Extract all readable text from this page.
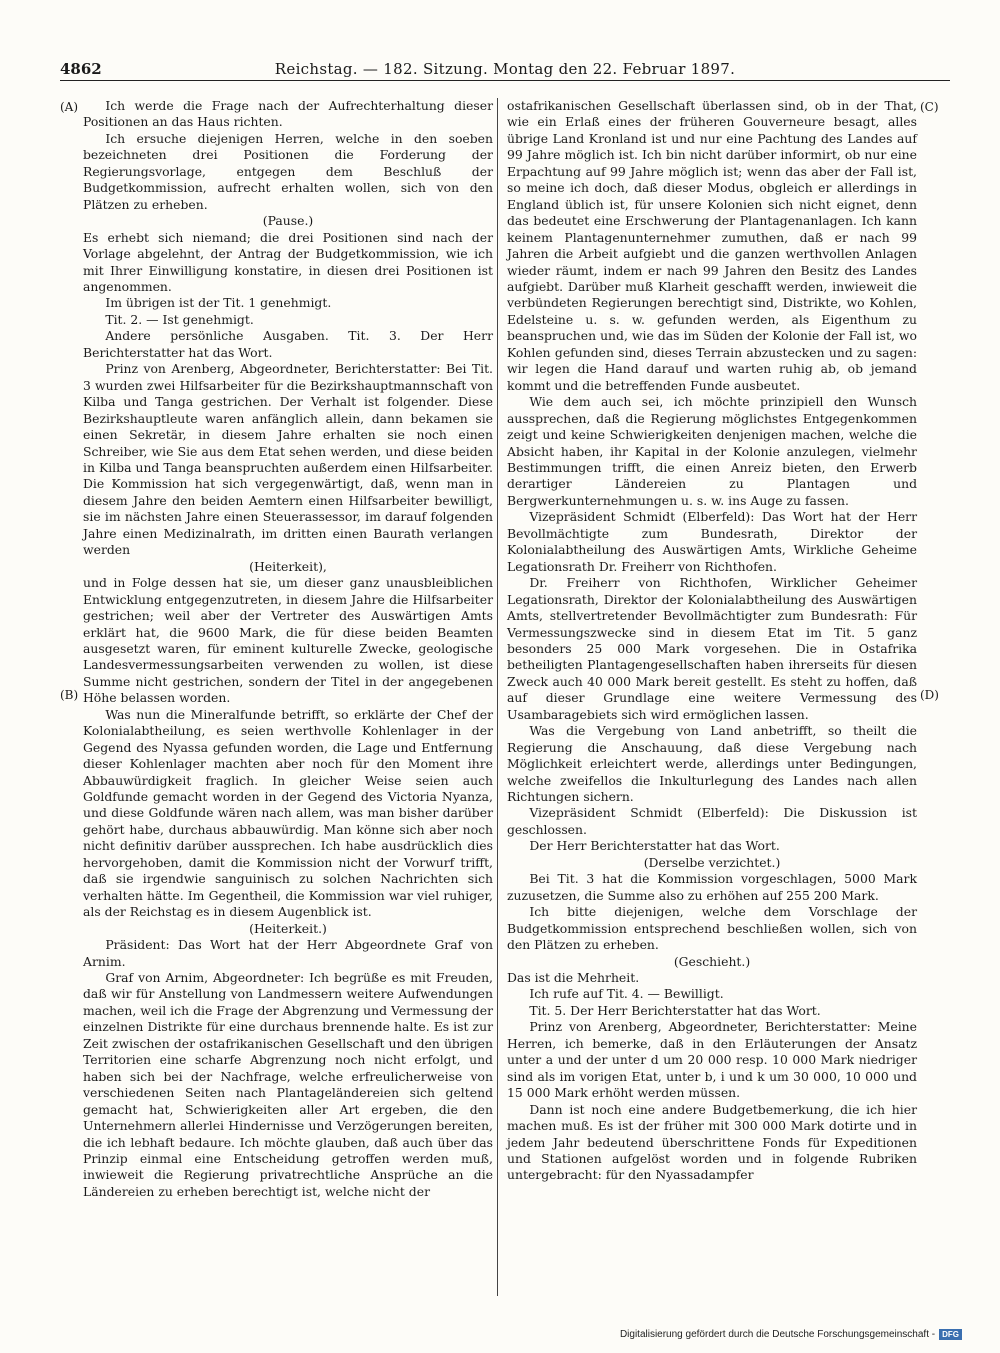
4862	Reichstag. — 182. Sitzung. Montag den 22. Februar 1897.
(A)
(B)
(C)
(D)

Ich werde die Frage nach der Aufrechterhaltung dieser Positionen an das Haus richten.

Ich ersuche diejenigen Herren, welche in den soeben bezeichneten drei Positionen die Forderung der Regierungsvorlage, entgegen dem Beschluß der Budgetkommission, aufrecht erhalten wollen, sich von den Plätzen zu erheben.

(Pause.)

Es erhebt sich niemand; die drei Positionen sind nach der Vorlage abgelehnt, der Antrag der Budgetkommission, wie ich mit Ihrer Einwilligung konstatire, in diesen drei Positionen ist angenommen.

Im übrigen ist der Tit. 1 genehmigt.

Tit. 2. — Ist genehmigt.

Andere persönliche Ausgaben. Tit. 3. Der Herr Berichterstatter hat das Wort.

Prinz von Arenberg, Abgeordneter, Berichterstatter: Bei Tit. 3 wurden zwei Hilfsarbeiter für die Bezirkshauptmannschaft von Kilba und Tanga gestrichen. Der Verhalt ist folgender. Diese Bezirkshauptleute waren anfänglich allein, dann bekamen sie einen Sekretär, in diesem Jahre erhalten sie noch einen Schreiber, wie Sie aus dem Etat sehen werden, und diese beiden in Kilba und Tanga beanspruchten außerdem einen Hilfsarbeiter. Die Kommission hat sich vergegenwärtigt, daß, wenn man in diesem Jahre den beiden Aemtern einen Hilfsarbeiter bewilligt, sie im nächsten Jahre einen Steuerassessor, im darauf folgenden Jahre einen Medizinalrath, im dritten einen Baurath verlangen werden

(Heiterkeit),

und in Folge dessen hat sie, um dieser ganz unausbleiblichen Entwicklung entgegenzutreten, in diesem Jahre die Hilfsarbeiter gestrichen; weil aber der Vertreter des Auswärtigen Amts erklärt hat, die 9600 Mark, die für diese beiden Beamten ausgesetzt waren, für eminent kulturelle Zwecke, geologische Landesvermessungsarbeiten verwenden zu wollen, ist diese Summe nicht gestrichen, sondern der Titel in der angegebenen Höhe belassen worden.

Was nun die Mineralfunde betrifft, so erklärte der Chef der Kolonialabtheilung, es seien werthvolle Kohlenlager in der Gegend des Nyassa gefunden worden, die Lage und Entfernung dieser Kohlenlager machten aber noch für den Moment ihre Abbauwürdigkeit fraglich. In gleicher Weise seien auch Goldfunde gemacht worden in der Gegend des Victoria Nyanza, und diese Goldfunde wären nach allem, was man bisher darüber gehört habe, durchaus abbauwürdig. Man könne sich aber noch nicht definitiv darüber aussprechen. Ich habe ausdrücklich dies hervorgehoben, damit die Kommission nicht der Vorwurf trifft, daß sie irgendwie sanguinisch zu solchen Nachrichten sich verhalten hätte. Im Gegentheil, die Kommission war viel ruhiger, als der Reichstag es in diesem Augenblick ist.

(Heiterkeit.)

Präsident: Das Wort hat der Herr Abgeordnete Graf von Arnim.

Graf von Arnim, Abgeordneter: Ich begrüße es mit Freuden, daß wir für Anstellung von Landmessern weitere Aufwendungen machen, weil ich die Frage der Abgrenzung und Vermessung der einzelnen Distrikte für eine durchaus brennende halte. Es ist zur Zeit zwischen der ostafrikanischen Gesellschaft und den übrigen Territorien eine scharfe Abgrenzung noch nicht erfolgt, und haben sich bei der Nachfrage, welche erfreulicherweise von verschiedenen Seiten nach Plantageländereien sich geltend gemacht hat, Schwierigkeiten aller Art ergeben, die den Unternehmern allerlei Hindernisse und Verzögerungen bereiten, die ich lebhaft bedaure. Ich möchte glauben, daß auch über das Prinzip einmal eine Entscheidung getroffen werden muß, inwieweit die Regierung privatrechtliche Ansprüche an die Ländereien zu erheben berechtigt ist, welche nicht der

ostafrikanischen Gesellschaft überlassen sind, ob in der That, wie ein Erlaß eines der früheren Gouverneure besagt, alles übrige Land Kronland ist und nur eine Pachtung des Landes auf 99 Jahre möglich ist. Ich bin nicht darüber informirt, ob nur eine Erpachtung auf 99 Jahre möglich ist; wenn das aber der Fall ist, so meine ich doch, daß dieser Modus, obgleich er allerdings in England üblich ist, für unsere Kolonien sich nicht eignet, denn das bedeutet eine Erschwerung der Plantagenanlagen. Ich kann keinem Plantagenunternehmer zumuthen, daß er nach 99 Jahren die Arbeit aufgiebt und die ganzen werthvollen Anlagen wieder räumt, indem er nach 99 Jahren den Besitz des Landes aufgiebt. Darüber muß Klarheit geschafft werden, inwieweit die verbündeten Regierungen berechtigt sind, Distrikte, wo Kohlen, Edelsteine u. s. w. gefunden werden, als Eigenthum zu beanspruchen und, wie das im Süden der Kolonie der Fall ist, wo Kohlen gefunden sind, dieses Terrain abzustecken und zu sagen: wir legen die Hand darauf und warten ruhig ab, ob jemand kommt und die betreffenden Funde ausbeutet.

Wie dem auch sei, ich möchte prinzipiell den Wunsch aussprechen, daß die Regierung möglichstes Entgegenkommen zeigt und keine Schwierigkeiten denjenigen machen, welche die Absicht haben, ihr Kapital in der Kolonie anzulegen, vielmehr Bestimmungen trifft, die einen Anreiz bieten, den Erwerb derartiger Ländereien zu Plantagen und Bergwerkunternehmungen u. s. w. ins Auge zu fassen.

Vizepräsident Schmidt (Elberfeld): Das Wort hat der Herr Bevollmächtigte zum Bundesrath, Direktor der Kolonialabtheilung des Auswärtigen Amts, Wirkliche Geheime Legationsrath Dr. Freiherr von Richthofen.

Dr. Freiherr von Richthofen, Wirklicher Geheimer Legationsrath, Direktor der Kolonialabtheilung des Auswärtigen Amts, stellvertretender Bevollmächtigter zum Bundesrath: Für Vermessungszwecke sind in diesem Etat im Tit. 5 ganz besonders 25 000 Mark vorgesehen. Die in Ostafrika betheiligten Plantagengesellschaften haben ihrerseits für diesen Zweck auch 40 000 Mark bereit gestellt. Es steht zu hoffen, daß auf dieser Grundlage eine weitere Vermessung des Usambaragebiets sich wird ermöglichen lassen.

Was die Vergebung von Land anbetrifft, so theilt die Regierung die Anschauung, daß diese Vergebung nach Möglichkeit erleichtert werde, allerdings unter Bedingungen, welche zweifellos die Inkulturlegung des Landes nach allen Richtungen sichern.

Vizepräsident Schmidt (Elberfeld): Die Diskussion ist geschlossen.

Der Herr Berichterstatter hat das Wort.

(Derselbe verzichtet.)

Bei Tit. 3 hat die Kommission vorgeschlagen, 5000 Mark zuzusetzen, die Summe also zu erhöhen auf 255 200 Mark.

Ich bitte diejenigen, welche dem Vorschlage der Budgetkommission entsprechend beschließen wollen, sich von den Plätzen zu erheben.

(Geschieht.)

Das ist die Mehrheit.

Ich rufe auf Tit. 4. — Bewilligt.

Tit. 5. Der Herr Berichterstatter hat das Wort.

Prinz von Arenberg, Abgeordneter, Berichterstatter: Meine Herren, ich bemerke, daß in den Erläuterungen der Ansatz unter a und der unter d um 20 000 resp. 10 000 Mark niedriger sind als im vorigen Etat, unter b, i und k um 30 000, 10 000 und 15 000 Mark erhöht werden müssen.

Dann ist noch eine andere Budgetbemerkung, die ich hier machen muß. Es ist der früher mit 300 000 Mark dotirte und in jedem Jahr bedeutend überschrittene Fonds für Expeditionen und Stationen aufgelöst worden und in folgende Rubriken untergebracht: für den Nyassadampfer

Digitalisierung gefördert durch die Deutsche Forschungsgemeinschaft - DFG
